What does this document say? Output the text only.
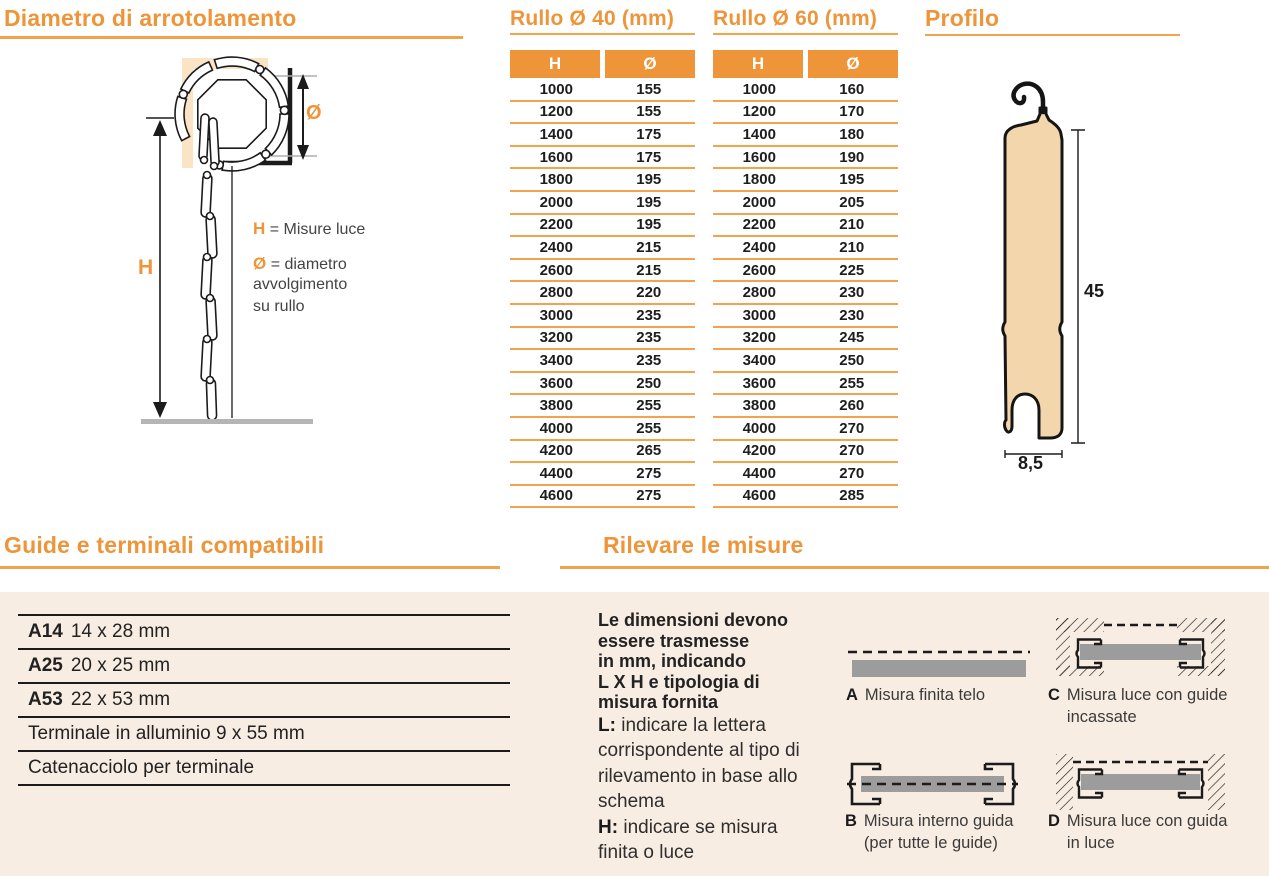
Diametro di arrotolamento
Ø
H
H = Misure luce
Ø = diametro
avvolgimento
su rullo
Rullo Ø 40 (mm)
H	Ø
1000	155
1200	155
1400	175
1600	175
1800	195
2000	195
2200	195
2400	215
2600	215
2800	220
3000	235
3200	235
3400	235
3600	250
3800	255
4000	255
4200	265
4400	275
4600	275
Rullo Ø 60 (mm)
H	Ø
1000	160
1200	170
1400	180
1600	190
1800	195
2000	205
2200	210
2400	210
2600	225
2800	230
3000	230
3200	245
3400	250
3600	255
3800	260
4000	270
4200	270
4400	270
4600	285
Profilo
45
8,5
Guide e terminali compatibili	Rilevare le misure
A14 14 x 28 mm
A25 20 x 25 mm
A53 22 x 53 mm
Terminale in alluminio 9 x 55 mm
Catenacciolo per terminale
Le dimensioni devono
essere trasmesse
in mm, indicando
L X H e tipologia di
misura fornita
L: indicare la lettera
corrispondente al tipo di
rilevamento in base allo
schema
H: indicare se misura
finita o luce
A Misura finita telo	C Misura luce con guide
incassate
B Misura interno guida
(per tutte le guide)
D Misura luce con guida
in luce
